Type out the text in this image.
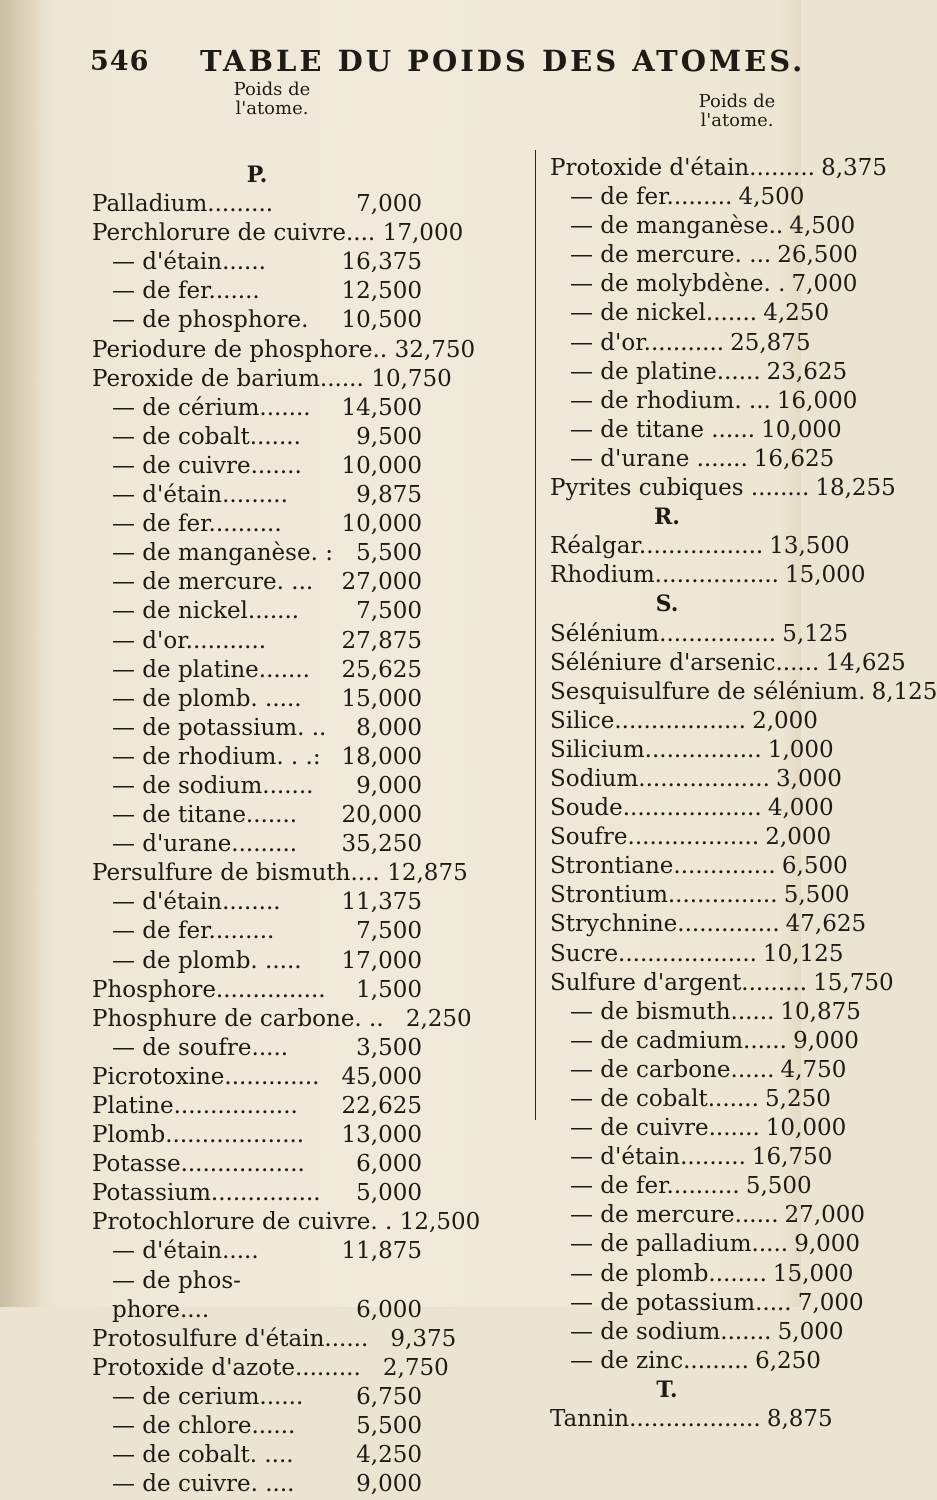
546 TABLE DU POIDS DES ATOMES.
Poids de l'atome.	Poids de l'atome.
P.
Palladium.........	7,000
Perchlorure de cuivre.... 17,000
— d'étain......	16,375
— de fer.......	12,500
— de phosphore.	10,500
Periodure de phosphore.. 32,750
Peroxide de barium...... 10,750
— de cérium.......	14,500
— de cobalt.......	9,500
— de cuivre.......	10,000
— d'étain.........	9,875
— de fer..........	10,000
— de manganèse. :	5,500
— de mercure. ...	27,000
— de nickel.......	7,500
— d'or...........	27,875
— de platine.......	25,625
— de plomb. .....	15,000
— de potassium. ..	8,000
— de rhodium. . .: 18,000
— de sodium.......	9,000
— de titane.......	20,000
— d'urane.........	35,250
Persulfure de bismuth.... 12,875
— d'étain........	11,375
— de fer.........	7,500
— de plomb. .....	17,000
Phosphore...............	1,500
Phosphure de carbone. .. 2,250
— de soufre.....	3,500
Picrotoxine............. 45,000
Platine.................	22,625
Plomb...................	13,000
Potasse.................	6,000
Potassium...............	5,000
Protochlorure de cuivre. . 12,500
— d'étain.....	11,875
— de phos-
phore....	6,000
Protosulfure d'étain...... 9,375
Protoxide d'azote......... 2,750
— de cerium......	6,750
— de chlore......	5,500
— de cobalt. ....	4,250
— de cuivre. ....	9,000
Protoxide d'étain......... 8,375
— de fer......... 4,500
— de manganèse.. 4,500
— de mercure. ... 26,500
— de molybdène. . 7,000
— de nickel....... 4,250
— d'or........... 25,875
— de platine...... 23,625
— de rhodium. ... 16,000
— de titane ...... 10,000
— d'urane ....... 16,625
Pyrites cubiques ........ 18,255
R.
Réalgar................. 13,500
Rhodium................. 15,000
S.
Sélénium................ 5,125
Séléniure d'arsenic...... 14,625
Sesquisulfure de sélénium. 8,125
Silice.................. 2,000
Silicium................ 1,000
Sodium.................. 3,000
Soude................... 4,000
Soufre.................. 2,000
Strontiane.............. 6,500
Strontium............... 5,500
Strychnine.............. 47,625
Sucre................... 10,125
Sulfure d'argent......... 15,750
— de bismuth...... 10,875
— de cadmium...... 9,000
— de carbone...... 4,750
— de cobalt....... 5,250
— de cuivre....... 10,000
— d'étain......... 16,750
— de fer.......... 5,500
— de mercure...... 27,000
— de palladium..... 9,000
— de plomb........ 15,000
— de potassium..... 7,000
— de sodium....... 5,000
— de zinc......... 6,250
T.
Tannin.................. 8,875
